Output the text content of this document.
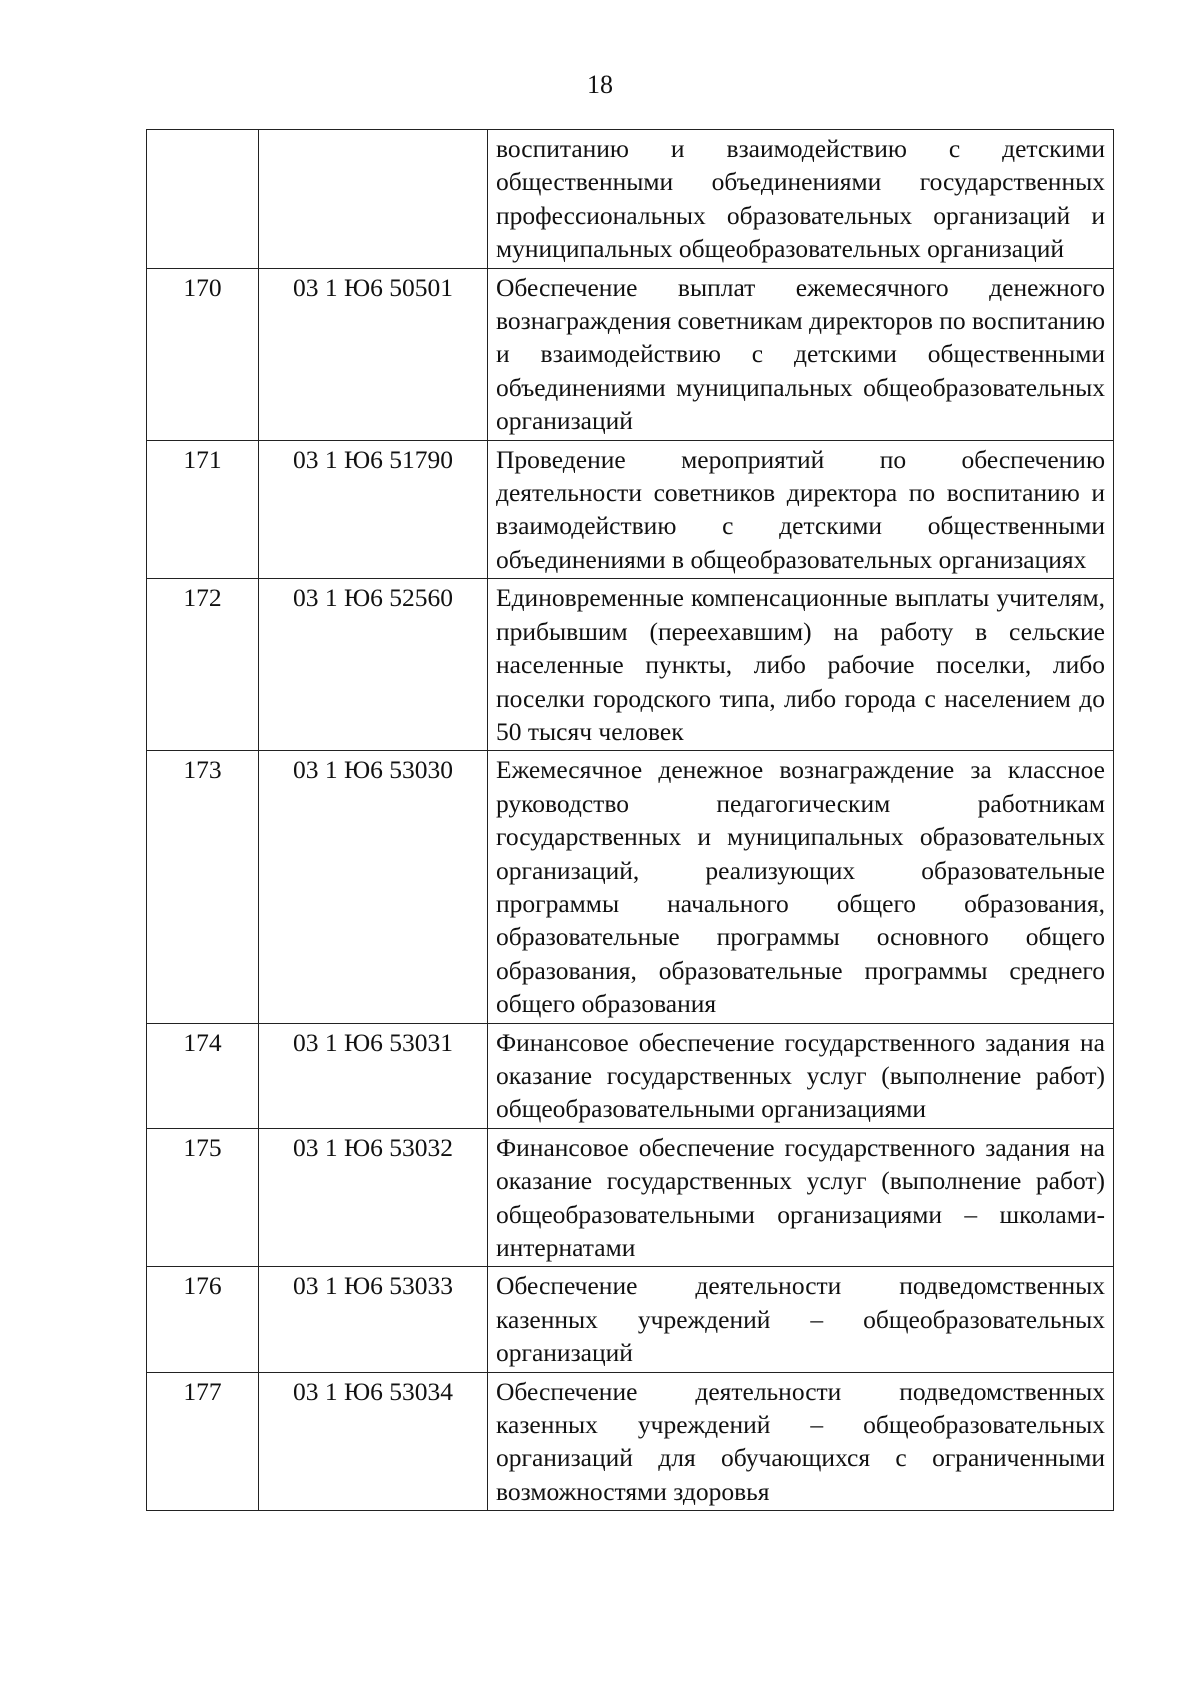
18
		воспитанию и взаимодействию с детскими общественными объединениями государственных профессиональных образовательных организаций и муниципальных общеобразовательных организаций
170	03 1 Ю6 50501	Обеспечение выплат ежемесячного денежного вознаграждения советникам директоров по воспитанию и взаимодействию с детскими общественными объединениями муниципальных общеобразовательных организаций
171	03 1 Ю6 51790	Проведение мероприятий по обеспечению деятельности советников директора по воспитанию и взаимодействию с детскими общественными объединениями в общеобразовательных организациях
172	03 1 Ю6 52560	Единовременные компенсационные выплаты учителям, прибывшим (переехавшим) на работу в сельские населенные пункты, либо рабочие поселки, либо поселки городского типа, либо города с населением до 50 тысяч человек
173	03 1 Ю6 53030	Ежемесячное денежное вознаграждение за классное руководство педагогическим работникам государственных и муниципальных образовательных организаций, реализующих образовательные программы начального общего образования, образовательные программы основного общего образования, образовательные программы среднего общего образования
174	03 1 Ю6 53031	Финансовое обеспечение государственного задания на оказание государственных услуг (выполнение работ) общеобразовательными организациями
175	03 1 Ю6 53032	Финансовое обеспечение государственного задания на оказание государственных услуг (выполнение работ) общеобразовательными организациями – школами-интернатами
176	03 1 Ю6 53033	Обеспечение деятельности подведомственных казенных учреждений – общеобразовательных организаций
177	03 1 Ю6 53034	Обеспечение деятельности подведомственных казенных учреждений – общеобразовательных организаций для обучающихся с ограниченными возможностями здоровья
